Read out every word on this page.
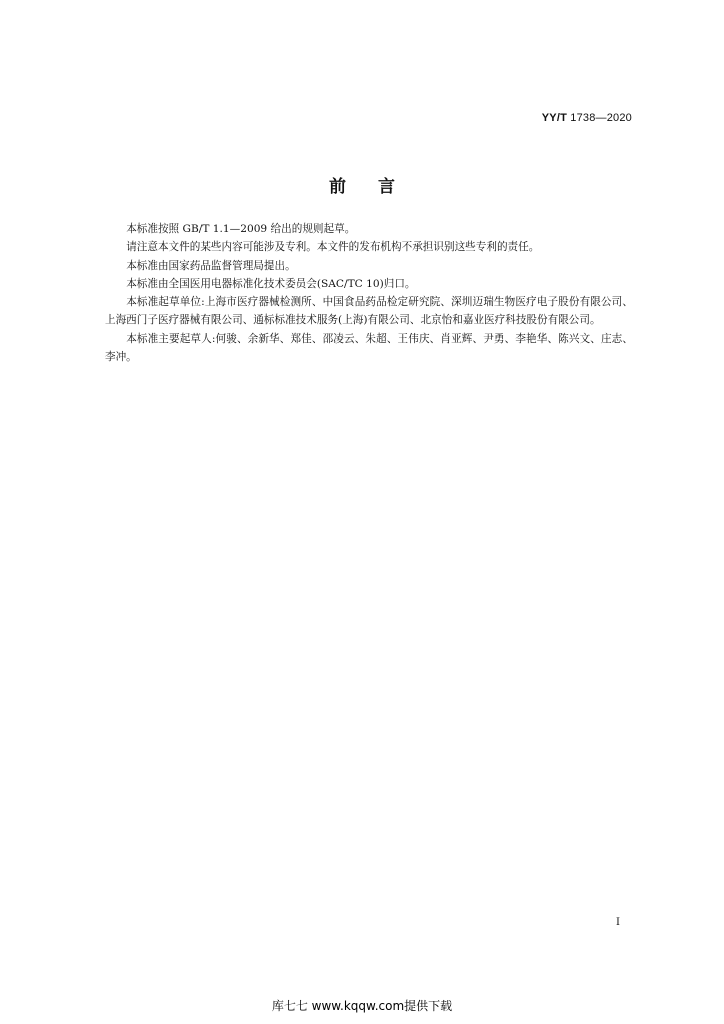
YY/T 1738—2020
前言

本标准按照 GB/T 1.1—2009 给出的规则起草。

请注意本文件的某些内容可能涉及专利。本文件的发布机构不承担识别这些专利的责任。

本标准由国家药品监督管理局提出。

本标准由全国医用电器标准化技术委员会(SAC/TC 10)归口。

本标准起草单位:上海市医疗器械检测所、中国食品药品检定研究院、深圳迈瑞生物医疗电子股份有限公司、上海西门子医疗器械有限公司、通标标准技术服务(上海)有限公司、北京怡和嘉业医疗科技股份有限公司。

本标准主要起草人:何骏、余新华、郑佳、邵凌云、朱超、王伟庆、肖亚辉、尹勇、李艳华、陈兴文、庄志、李冲。

I
库七七 www.kqqw.com提供下载
